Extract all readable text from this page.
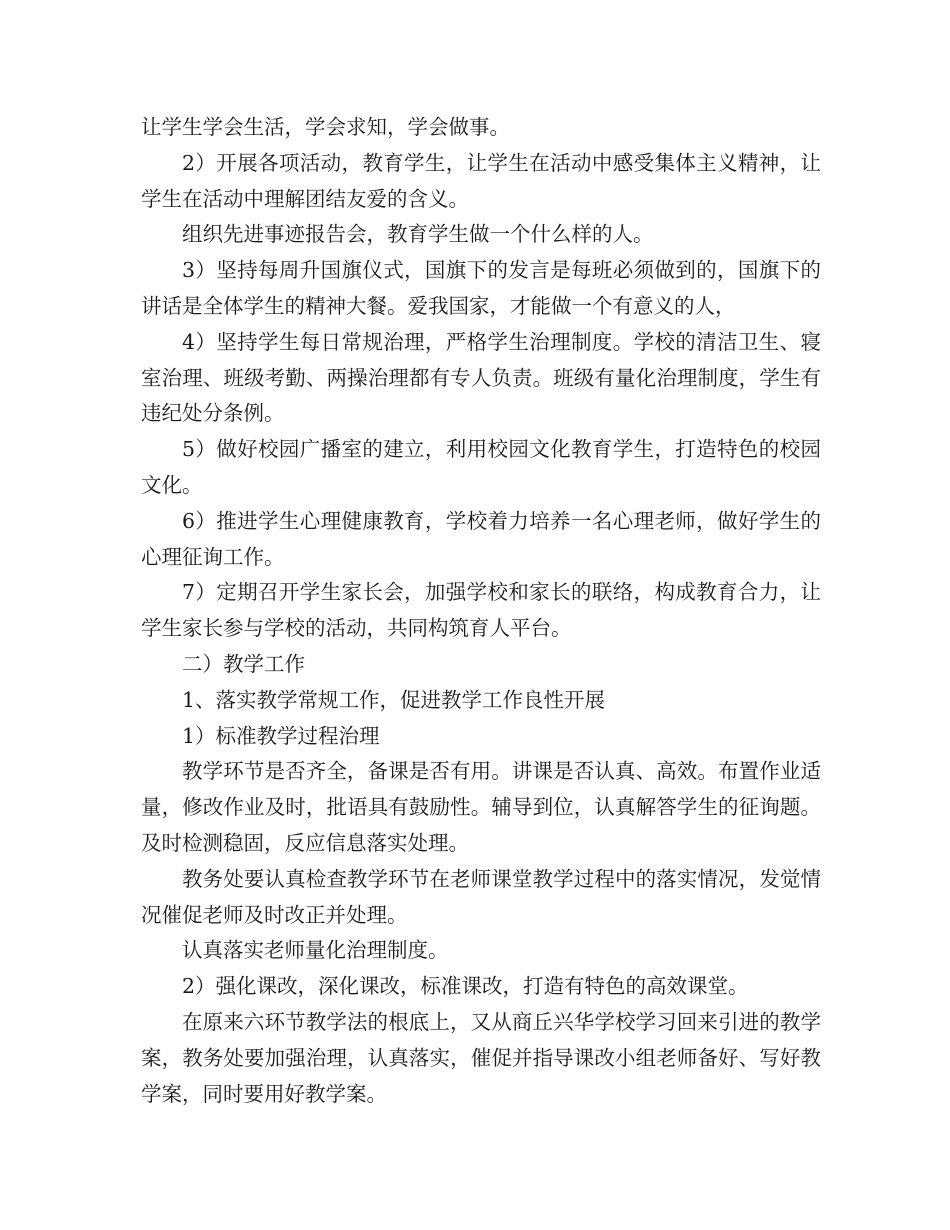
让学生学会生活，学会求知，学会做事。

2）开展各项活动，教育学生，让学生在活动中感受集体主义精神，让学生在活动中理解团结友爱的含义。

组织先进事迹报告会，教育学生做一个什么样的人。

3）坚持每周升国旗仪式，国旗下的发言是每班必须做到的，国旗下的讲话是全体学生的精神大餐。爱我国家，才能做一个有意义的人，

4）坚持学生每日常规治理，严格学生治理制度。学校的清洁卫生、寝室治理、班级考勤、两操治理都有专人负责。班级有量化治理制度，学生有违纪处分条例。

5）做好校园广播室的建立，利用校园文化教育学生，打造特色的校园文化。

6）推进学生心理健康教育，学校着力培养一名心理老师，做好学生的心理征询工作。

7）定期召开学生家长会，加强学校和家长的联络，构成教育合力，让学生家长参与学校的活动，共同构筑育人平台。

二）教学工作

1、落实教学常规工作，促进教学工作良性开展

1）标准教学过程治理

教学环节是否齐全，备课是否有用。讲课是否认真、高效。布置作业适量，修改作业及时，批语具有鼓励性。辅导到位，认真解答学生的征询题。及时检测稳固，反应信息落实处理。

教务处要认真检查教学环节在老师课堂教学过程中的落实情况，发觉情况催促老师及时改正并处理。

认真落实老师量化治理制度。

2）强化课改，深化课改，标准课改，打造有特色的高效课堂。

在原来六环节教学法的根底上，又从商丘兴华学校学习回来引进的教学案，教务处要加强治理，认真落实，催促并指导课改小组老师备好、写好教学案，同时要用好教学案。
